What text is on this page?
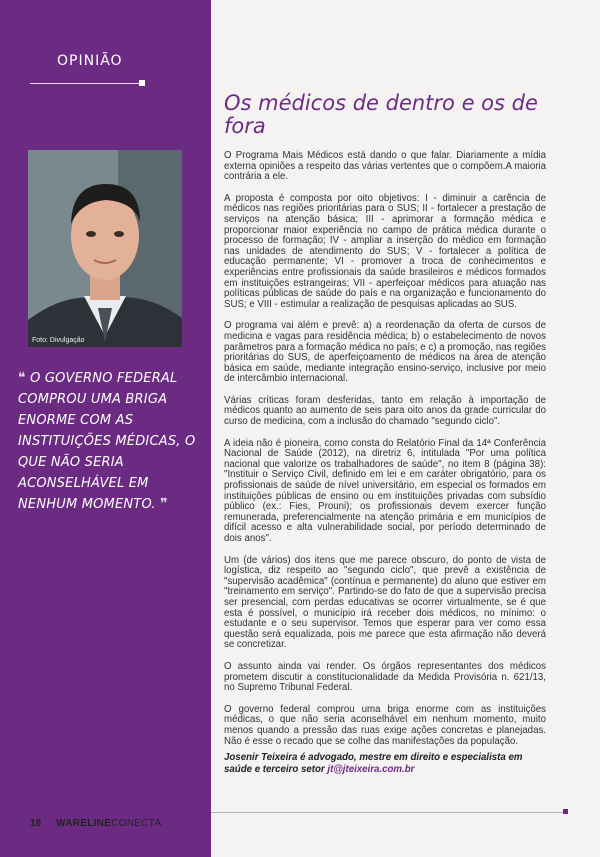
OPINIÃO
Foto: Divulgação
❝ O GOVERNO FEDERAL COMPROU UMA BRIGA ENORME COM AS INSTITUIÇÕES MÉDICAS, O QUE NÃO SERIA ACONSELHÁVEL EM NENHUM MOMENTO. ❞
18 WARELINECONECTA
Os médicos de dentro e os de fora

O Programa Mais Médicos está dando o que falar. Diariamente a mídia externa opiniões a respeito das várias vertentes que o compõem.A maioria contrária a ele.

A proposta é composta por oito objetivos: I - diminuir a carência de médicos nas regiões prioritárias para o SUS; II - fortalecer a prestação de serviços na atenção básica; III - aprimorar a formação médica e proporcionar maior experiência no campo de prática médica durante o processo de formação; IV - ampliar a inserção do médico em formação nas unidades de atendimento do SUS; V - fortalecer a política de educação permanente; VI - promover a troca de conhecimentos e experiências entre profissionais da saúde brasileiros e médicos formados em instituições estrangeiras; VII - aperfeiçoar médicos para atuação nas políticas públicas de saúde do país e na organização e funcionamento do SUS; e VIII - estimular a realização de pesquisas aplicadas ao SUS.

O programa vai além e prevê: a) a reordenação da oferta de cursos de medicina e vagas para residência médica; b) o estabelecimento de novos parâmetros para a formação médica no país; e c) a promoção, nas regiões prioritárias do SUS, de aperfeiçoamento de médicos na área de atenção básica em saúde, mediante integração ensino-serviço, inclusive por meio de intercâmbio internacional.

Várias críticas foram desferidas, tanto em relação à importação de médicos quanto ao aumento de seis para oito anos da grade curricular do curso de medicina, com a inclusão do chamado "segundo ciclo".

A ideia não é pioneira, como consta do Relatório Final da 14ª Conferência Nacional de Saúde (2012), na diretriz 6, intitulada "Por uma política nacional que valorize os trabalhadores de saúde", no item 8 (página 38): "Instituir o Serviço Civil, definido em lei e em caráter obrigatório, para os profissionais de saúde de nível universitário, em especial os formados em instituições públicas de ensino ou em instituições privadas com subsídio público (ex.: Fies, Prouni); os profissionais devem exercer função remunerada, preferencialmente na atenção primária e em municípios de difícil acesso e alta vulnerabilidade social, por período determinado de dois anos".

Um (de vários) dos itens que me parece obscuro, do ponto de vista de logística, diz respeito ao "segundo ciclo", que prevê a existência de "supervisão acadêmica" (contínua e permanente) do aluno que estiver em "treinamento em serviço". Partindo-se do fato de que a supervisão precisa ser presencial, com perdas educativas se ocorrer virtualmente, se é que esta é possível, o município irá receber dois médicos, no mínimo: o estudante e o seu supervisor. Temos que esperar para ver como essa questão será equalizada, pois me parece que esta afirmação não deverá se concretizar.

O assunto ainda vai render. Os órgãos representantes dos médicos prometem discutir a constitucionalidade da Medida Provisória n. 621/13, no Supremo Tribunal Federal.

O governo federal comprou uma briga enorme com as instituições médicas, o que não seria aconselhável em nenhum momento, muito menos quando a pressão das ruas exige ações concretas e planejadas. Não é esse o recado que se colhe das manifestações da população.

Josenir Teixeira é advogado, mestre em direito e especialista em saúde e terceiro setor jt@jteixeira.com.br
